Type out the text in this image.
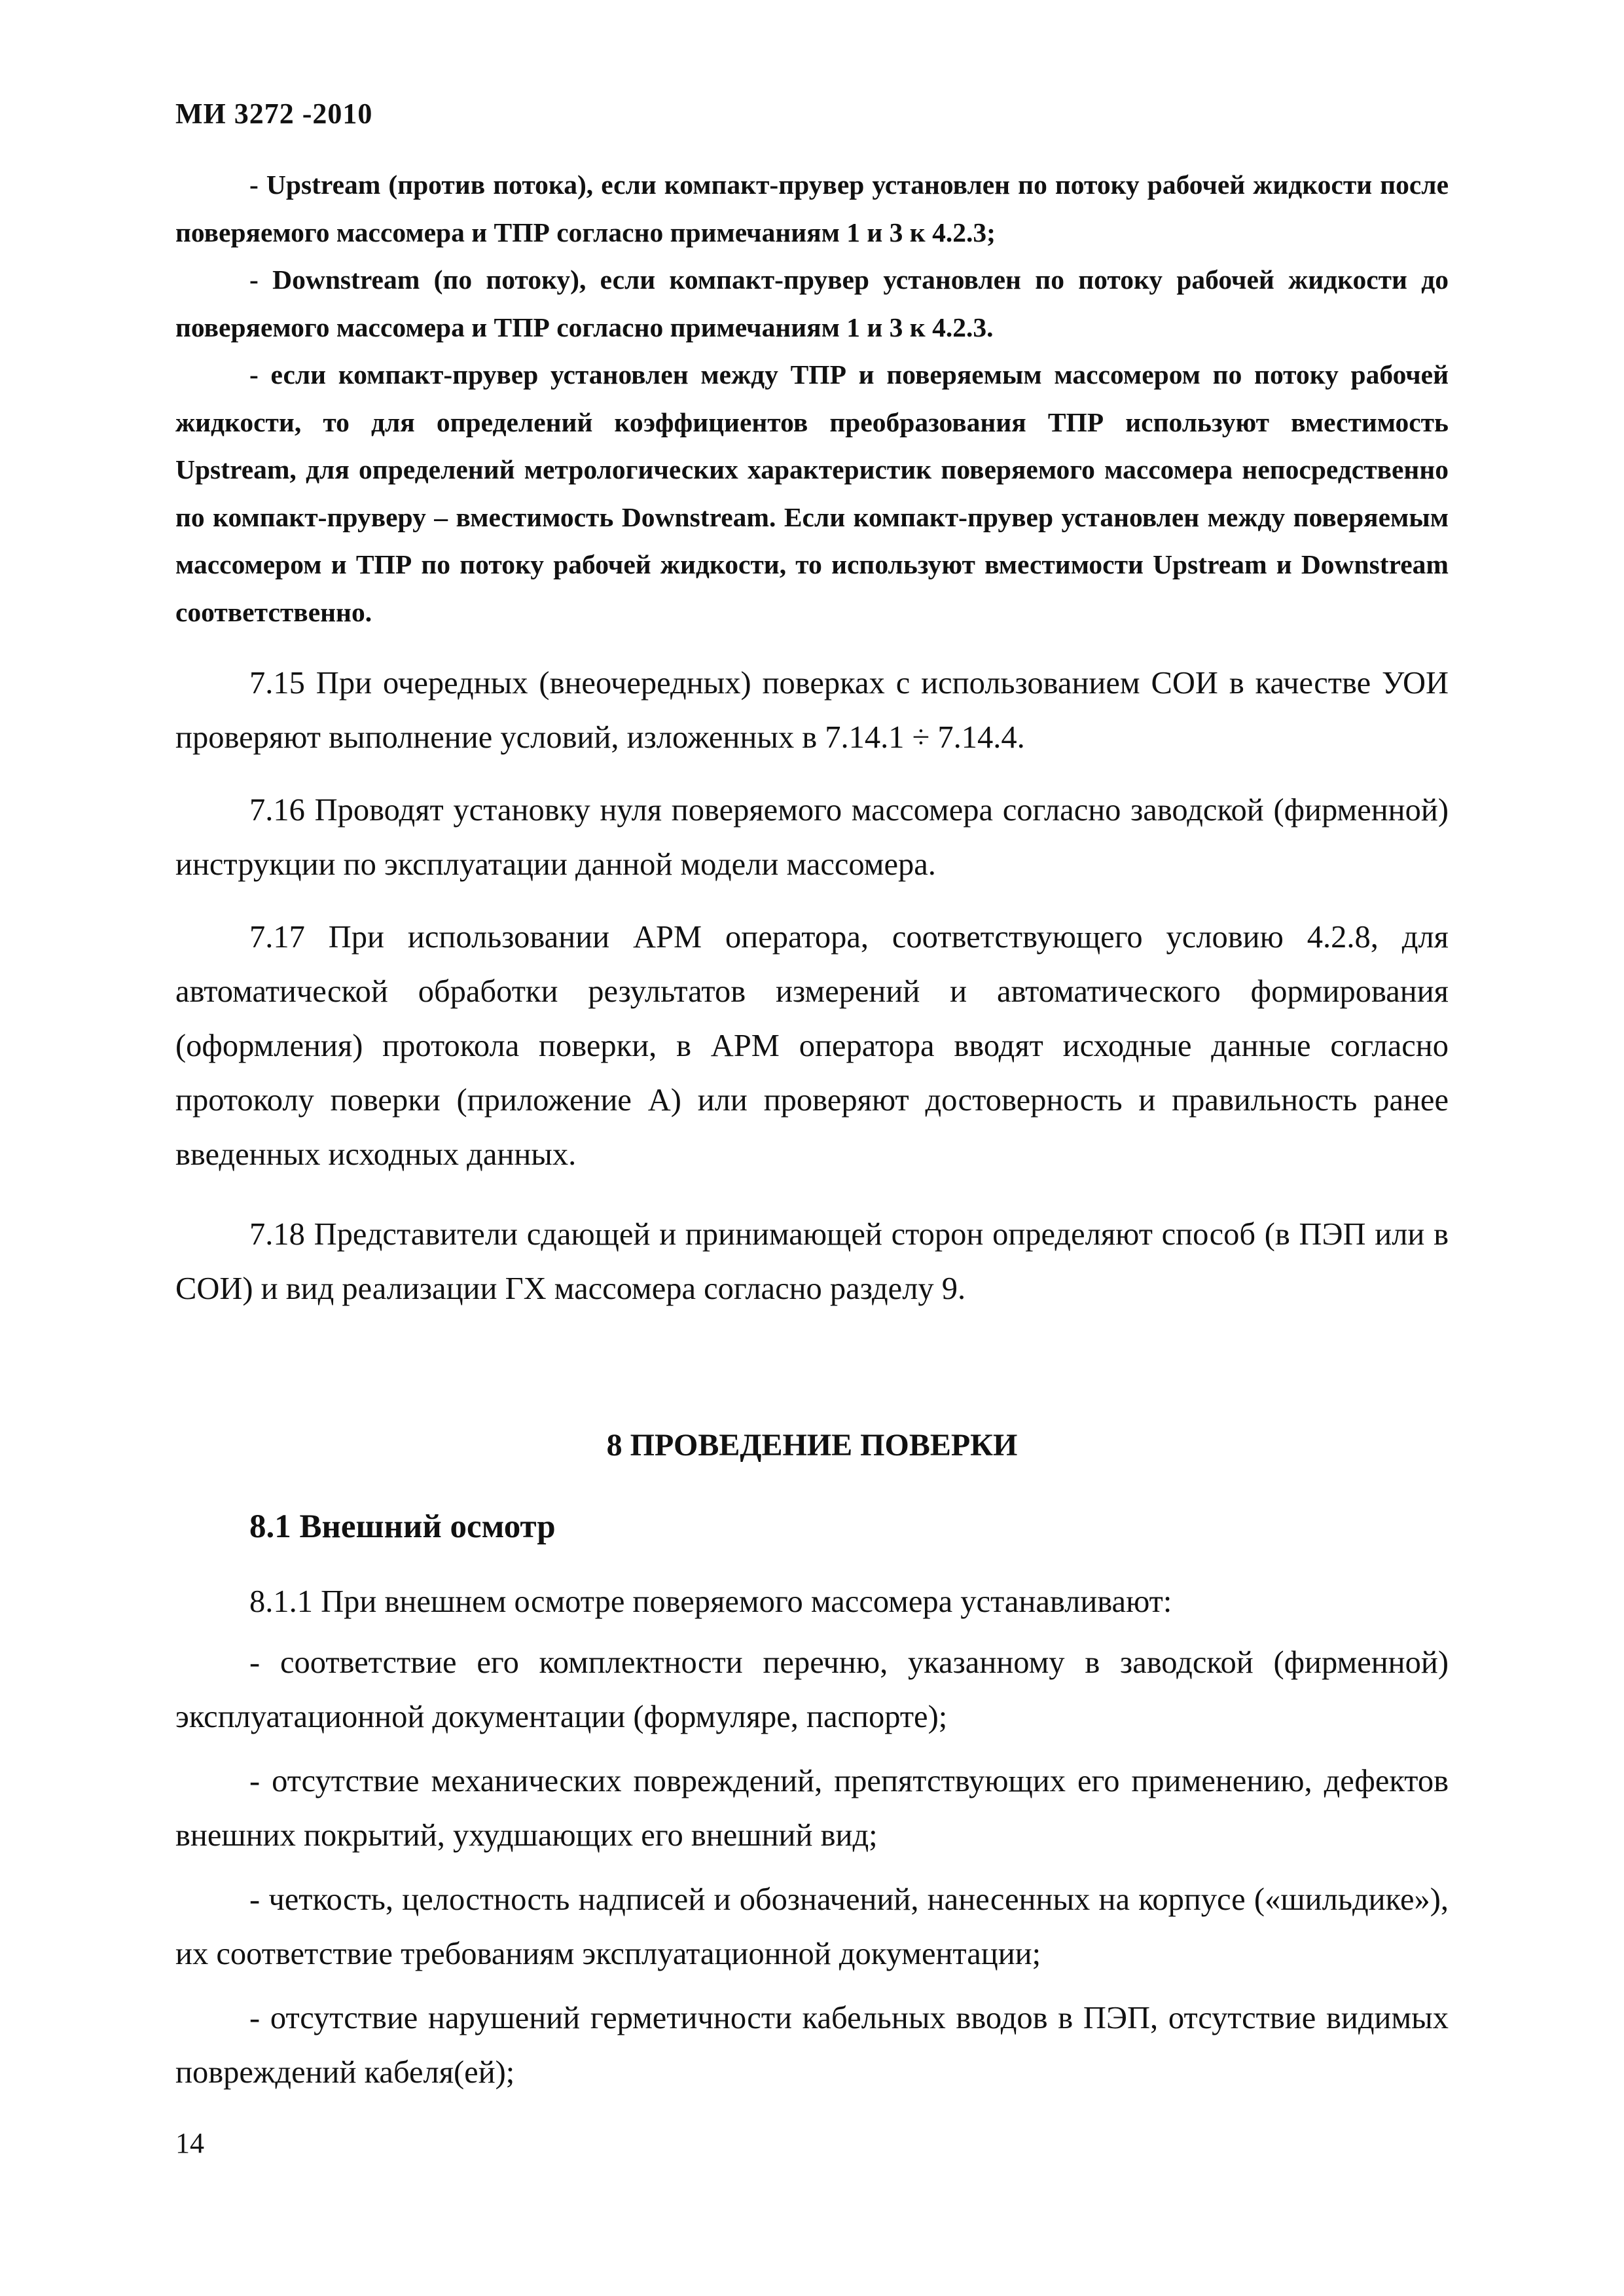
МИ 3272 -2010

- Upstream (против потока), если компакт-прувер установлен по потоку рабочей жидкости после поверяемого массомера и ТПР согласно примечаниям 1 и 3 к 4.2.3;

- Downstream (по потоку), если компакт-прувер установлен по потоку рабочей жидкости до поверяемого массомера и ТПР согласно примечаниям 1 и 3 к 4.2.3.

- если компакт-прувер установлен между ТПР и поверяемым массомером по потоку рабочей жидкости, то для определений коэффициентов преобразования ТПР используют вместимость Upstream, для определений метрологических характеристик поверяемого массомера непосредственно по компакт-пруверу – вместимость Downstream. Если компакт-прувер установлен между поверяемым массомером и ТПР по потоку рабочей жидкости, то используют вместимости Upstream и Downstream соответственно.

7.15 При очередных (внеочередных) поверках с использованием СОИ в качестве УОИ проверяют выполнение условий, изложенных в 7.14.1 ÷ 7.14.4.

7.16 Проводят установку нуля поверяемого массомера согласно заводской (фирменной) инструкции по эксплуатации данной модели массомера.

7.17 При использовании АРМ оператора, соответствующего условию 4.2.8, для автоматической обработки результатов измерений и автоматического формирования (оформления) протокола поверки, в АРМ оператора вводят исходные данные согласно протоколу поверки (приложение А) или проверяют достоверность и правильность ранее введенных исходных данных.

7.18 Представители сдающей и принимающей сторон определяют способ (в ПЭП или в СОИ) и вид реализации ГХ массомера согласно разделу 9.

8 ПРОВЕДЕНИЕ ПОВЕРКИ
8.1 Внешний осмотр

8.1.1 При внешнем осмотре поверяемого массомера устанавливают:

- соответствие его комплектности перечню, указанному в заводской (фирменной) эксплуатационной документации (формуляре, паспорте);

- отсутствие механических повреждений, препятствующих его применению, дефектов внешних покрытий, ухудшающих его внешний вид;

- четкость, целостность надписей и обозначений, нанесенных на корпусе («шильдике»), их соответствие требованиям эксплуатационной документации;

- отсутствие нарушений герметичности кабельных вводов в ПЭП, отсутствие видимых повреждений кабеля(ей);

14
